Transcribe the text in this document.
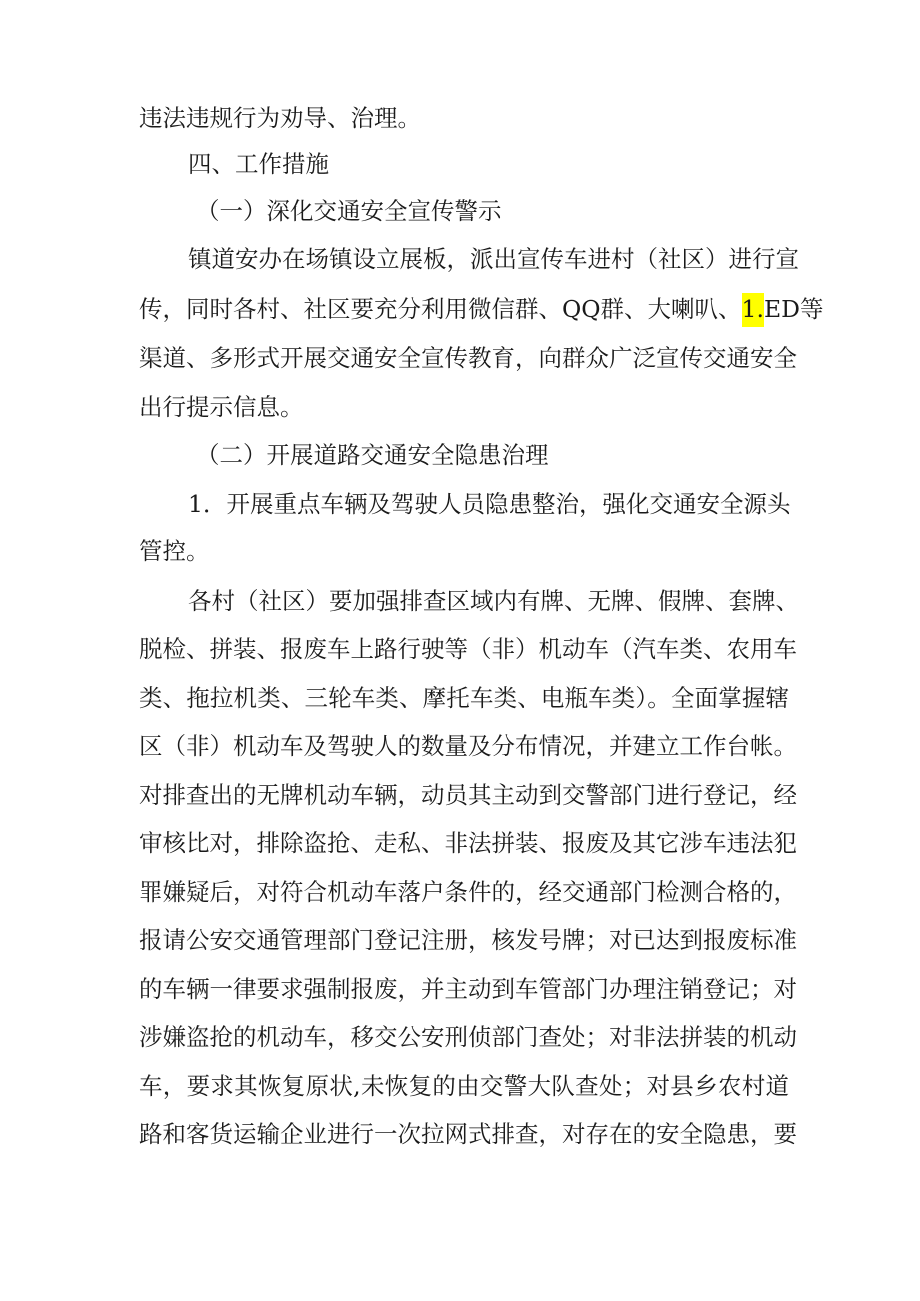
违法违规行为劝导、治理。
四、工作措施
（一）深化交通安全宣传警示
镇道安办在场镇设立展板，派出宣传车进村（社区）进行宣
传，同时各村、社区要充分利用微信群、QQ群、大喇叭、1.ED等
渠道、多形式开展交通安全宣传教育，向群众广泛宣传交通安全
出行提示信息。
（二）开展道路交通安全隐患治理
1．开展重点车辆及驾驶人员隐患整治，强化交通安全源头
管控。
各村（社区）要加强排查区域内有牌、无牌、假牌、套牌、
脱检、拼装、报废车上路行驶等（非）机动车（汽车类、农用车
类、拖拉机类、三轮车类、摩托车类、电瓶车类）。全面掌握辖
区（非）机动车及驾驶人的数量及分布情况，并建立工作台帐。
对排查出的无牌机动车辆，动员其主动到交警部门进行登记，经
审核比对，排除盗抢、走私、非法拼装、报废及其它涉车违法犯
罪嫌疑后，对符合机动车落户条件的，经交通部门检测合格的，
报请公安交通管理部门登记注册，核发号牌；对已达到报废标准
的车辆一律要求强制报废，并主动到车管部门办理注销登记；对
涉嫌盗抢的机动车，移交公安刑侦部门查处；对非法拼装的机动
车，要求其恢复原状,未恢复的由交警大队查处；对县乡农村道
路和客货运输企业进行一次拉网式排查，对存在的安全隐患，要
